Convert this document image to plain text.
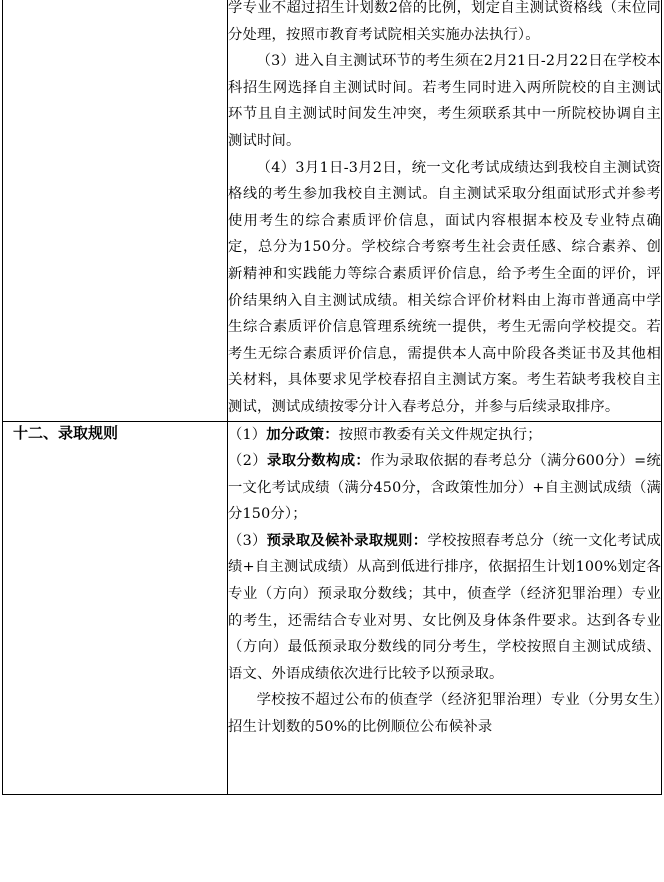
	学专业不超过招生计划数2倍的比例，划定自主测试资格线（末位同分处理，按照市教育考试院相关实施办法执行）。

（3）进入自主测试环节的考生须在2月21日-2月22日在学校本科招生网选择自主测试时间。若考生同时进入两所院校的自主测试环节且自主测试时间发生冲突，考生须联系其中一所院校协调自主测试时间。

（4）3月1日-3月2日，统一文化考试成绩达到我校自主测试资格线的考生参加我校自主测试。自主测试采取分组面试形式并参考使用考生的综合素质评价信息，面试内容根据本校及专业特点确定，总分为150分。学校综合考察考生社会责任感、综合素养、创新精神和实践能力等综合素质评价信息，给予考生全面的评价，评价结果纳入自主测试成绩。相关综合评价材料由上海市普通高中学生综合素质评价信息管理系统统一提供，考生无需向学校提交。若考生无综合素质评价信息，需提供本人高中阶段各类证书及其他相关材料，具体要求见学校春招自主测试方案。考生若缺考我校自主测试，测试成绩按零分计入春考总分，并参与后续录取排序。

十二、录取规则	（1）加分政策：按照市教委有关文件规定执行；

（2）录取分数构成：作为录取依据的春考总分（满分600分）=统一文化考试成绩（满分450分，含政策性加分）+自主测试成绩（满分150分）；

（3）预录取及候补录取规则：学校按照春考总分（统一文化考试成绩+自主测试成绩）从高到低进行排序，依据招生计划100%划定各专业（方向）预录取分数线；其中，侦查学（经济犯罪治理）专业的考生，还需结合专业对男、女比例及身体条件要求。达到各专业（方向）最低预录取分数线的同分考生，学校按照自主测试成绩、语文、外语成绩依次进行比较予以预录取。

学校按不超过公布的侦查学（经济犯罪治理）专业（分男女生）招生计划数的50%的比例顺位公布候补录
